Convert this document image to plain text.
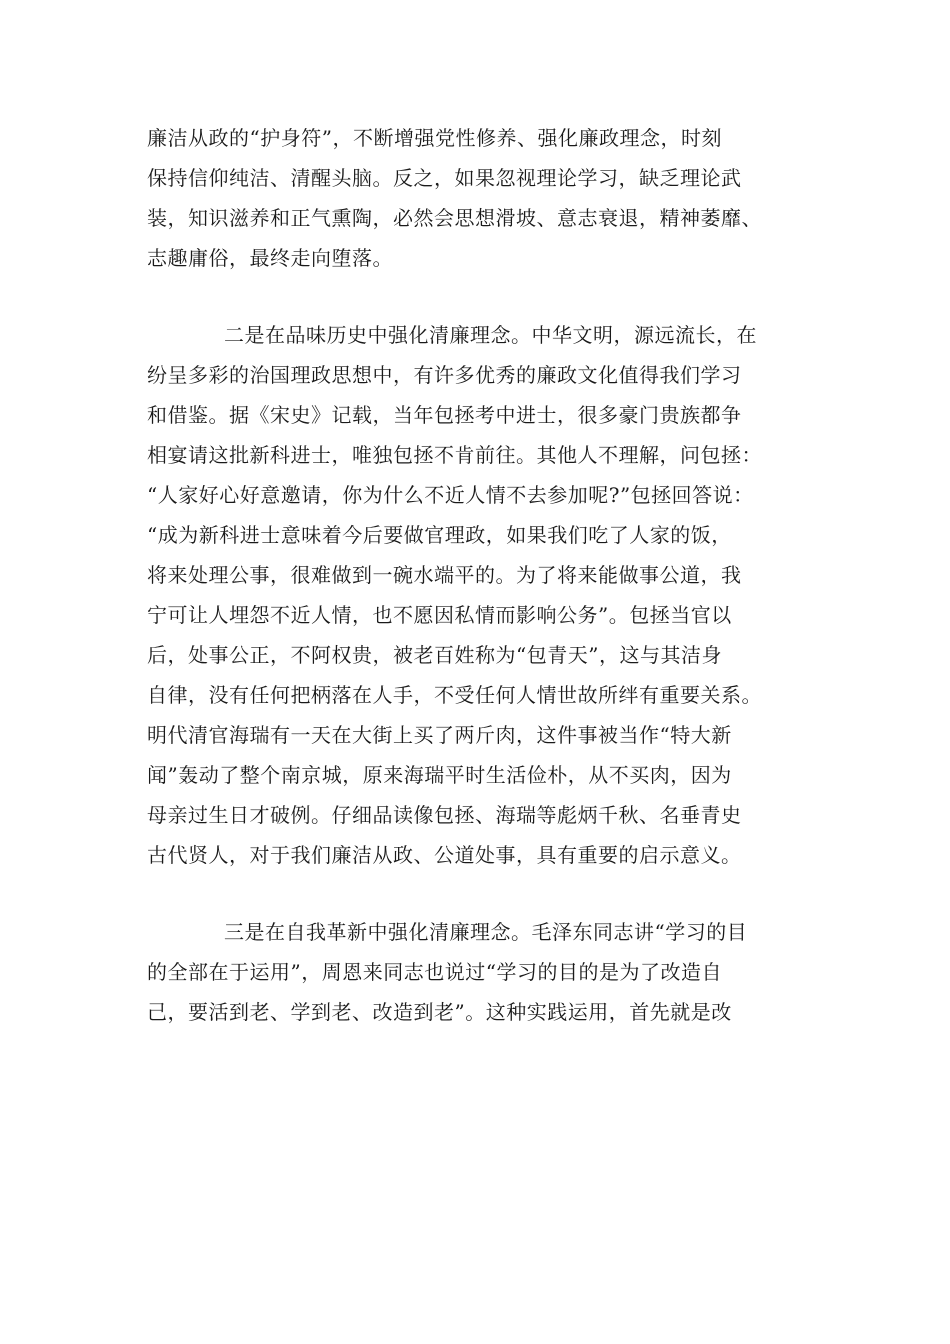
廉洁从政的“护身符”，不断增强党性修养、强化廉政理念，时刻
保持信仰纯洁、清醒头脑。反之，如果忽视理论学习，缺乏理论武
装，知识滋养和正气熏陶，必然会思想滑坡、意志衰退，精神萎靡、
志趣庸俗，最终走向堕落。
二是在品味历史中强化清廉理念。中华文明，源远流长，在
纷呈多彩的治国理政思想中，有许多优秀的廉政文化值得我们学习
和借鉴。据《宋史》记载，当年包拯考中进士，很多豪门贵族都争
相宴请这批新科进士，唯独包拯不肯前往。其他人不理解，问包拯：
“人家好心好意邀请，你为什么不近人情不去参加呢?”包拯回答说：
“成为新科进士意味着今后要做官理政，如果我们吃了人家的饭，
将来处理公事，很难做到一碗水端平的。为了将来能做事公道，我
宁可让人埋怨不近人情，也不愿因私情而影响公务”。包拯当官以
后，处事公正，不阿权贵，被老百姓称为“包青天”，这与其洁身
自律，没有任何把柄落在人手，不受任何人情世故所绊有重要关系。
明代清官海瑞有一天在大街上买了两斤肉，这件事被当作“特大新
闻”轰动了整个南京城，原来海瑞平时生活俭朴，从不买肉，因为
母亲过生日才破例。仔细品读像包拯、海瑞等彪炳千秋、名垂青史
古代贤人，对于我们廉洁从政、公道处事，具有重要的启示意义。
三是在自我革新中强化清廉理念。毛泽东同志讲“学习的目
的全部在于运用”，周恩来同志也说过“学习的目的是为了改造自
己，要活到老、学到老、改造到老”。这种实践运用，首先就是改
